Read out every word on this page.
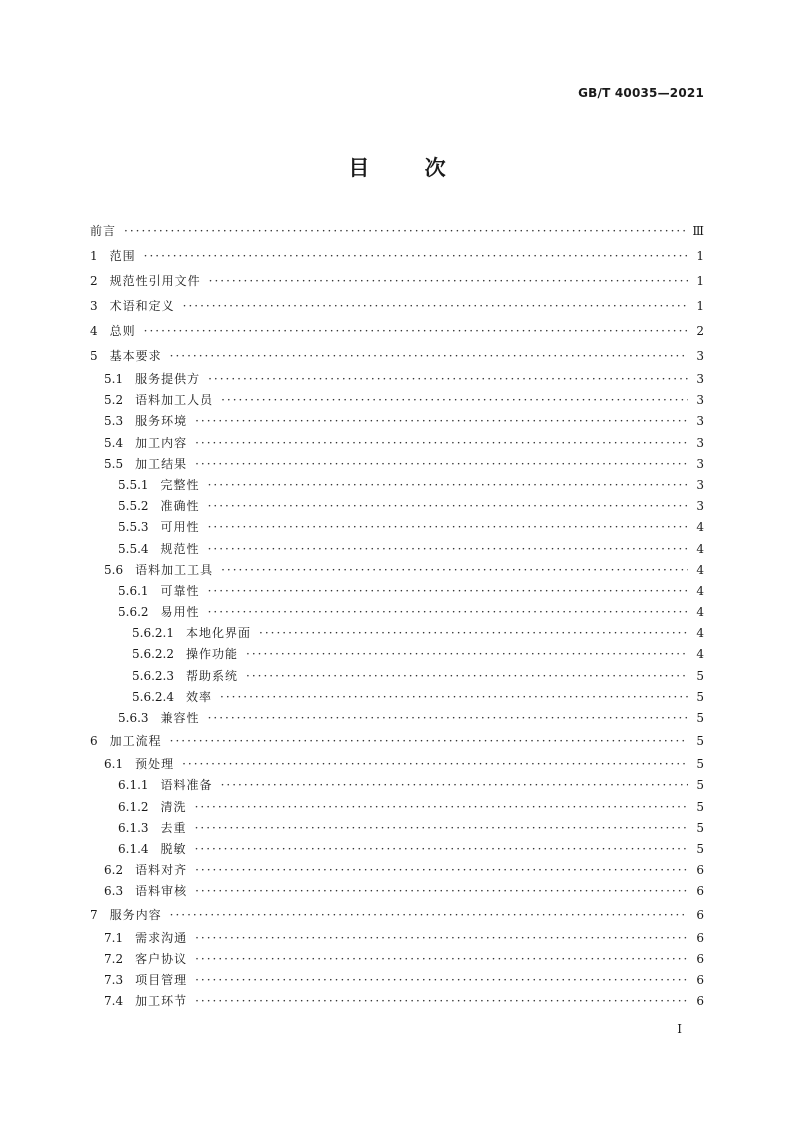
GB/T 40035—2021
目	次
前言 ·····	Ⅲ
1	范围 ·····	1
2	规范性引用文件 ·····	1
3	术语和定义 ·····	1
4	总则 ·····	2
5	基本要求 ·····	3
5.1	服务提供方 ·····	3
5.2	语料加工人员 ·····	3
5.3	服务环境 ·····	3
5.4	加工内容 ·····	3
5.5	加工结果 ·····	3
5.5.1	完整性 ·····	3
5.5.2	准确性 ·····	3
5.5.3	可用性 ·····	4
5.5.4	规范性 ·····	4
5.6	语料加工工具 ·····	4
5.6.1	可靠性 ·····	4
5.6.2	易用性 ·····	4
5.6.2.1	本地化界面 ·····	4
5.6.2.2	操作功能 ·····	4
5.6.2.3	帮助系统 ·····	5
5.6.2.4	效率 ·····	5
5.6.3	兼容性 ·····	5
6	加工流程 ·····	5
6.1	预处理 ·····	5
6.1.1	语料准备 ·····	5
6.1.2	清洗 ·····	5
6.1.3	去重 ·····	5
6.1.4	脱敏 ·····	5
6.2	语料对齐 ·····	6
6.3	语料审核 ·····	6
7	服务内容 ·····	6
7.1	需求沟通 ·····	6
7.2	客户协议 ·····	6
7.3	项目管理 ·····	6
7.4	加工环节 ·····	6
I
